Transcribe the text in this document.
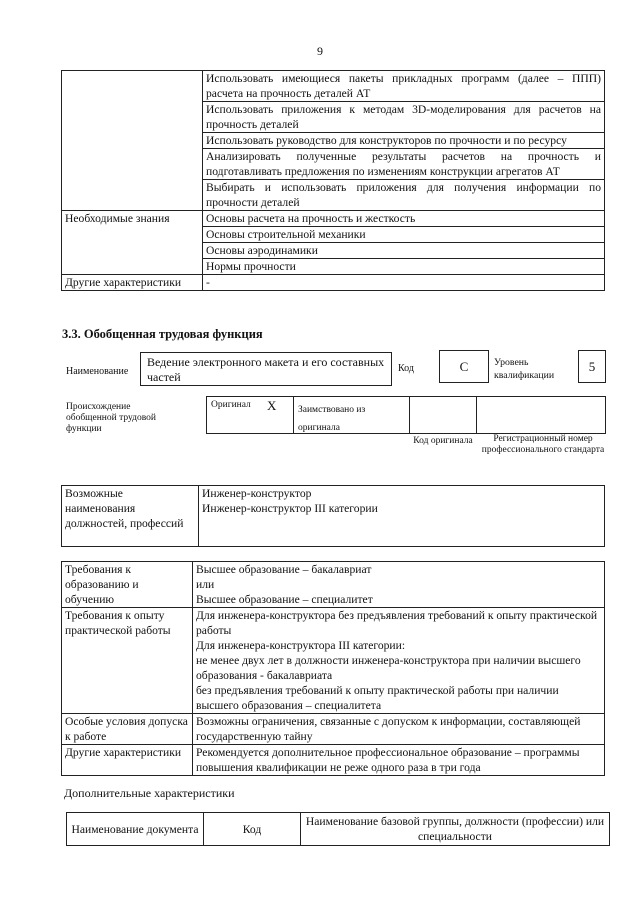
9
	Использовать имеющиеся пакеты прикладных программ (далее – ППП) расчета на прочность деталей АТ
	Использовать приложения к методам 3D-моделирования для расчетов на прочность деталей
	Использовать руководство для конструкторов по прочности и по ресурсу
	Анализировать полученные результаты расчетов на прочность и подготавливать предложения по изменениям конструкции агрегатов АТ
	Выбирать и использовать приложения для получения информации по прочности деталей
Необходимые знания	Основы расчета на прочность и жесткость
	Основы строительной механики
	Основы аэродинамики
	Нормы прочности
Другие характеристики	-
3.3. Обобщенная трудовая функция
Наименование
Ведение электронного макета и его составных частей
Код	C	Уровень квалификации
5
Происхождение обобщенной трудовой функции
Оригинал X	Заимствовано из оригинала
Код оригинала	Регистрационный номер профессионального стандарта
Возможные наименования должностей, профессий	
Инженер-конструктор
Инженер-конструктор III категории
Требования к образованию и обучению	Высшее образование – бакалавриат
или
Высшее образование – специалитет

Требования к опыту практической работы	Для инженера-конструктора без предъявления требований к опыту практической работы
Для инженера-конструктора III категории:
не менее двух лет в должности инженера-конструктора при наличии высшего образования - бакалавриата
без предъявления требований к опыту практической работы при наличии высшего образования – специалитета

Особые условия допуска к работе	Возможны ограничения, связанные с допуском к информации, составляющей государственную тайну
Другие характеристики	Рекомендуется дополнительное профессиональное образование – программы повышения квалификации не реже одного раза в три года
Дополнительные характеристики
Наименование документа	Код	Наименование базовой группы, должности (профессии) или специальности
